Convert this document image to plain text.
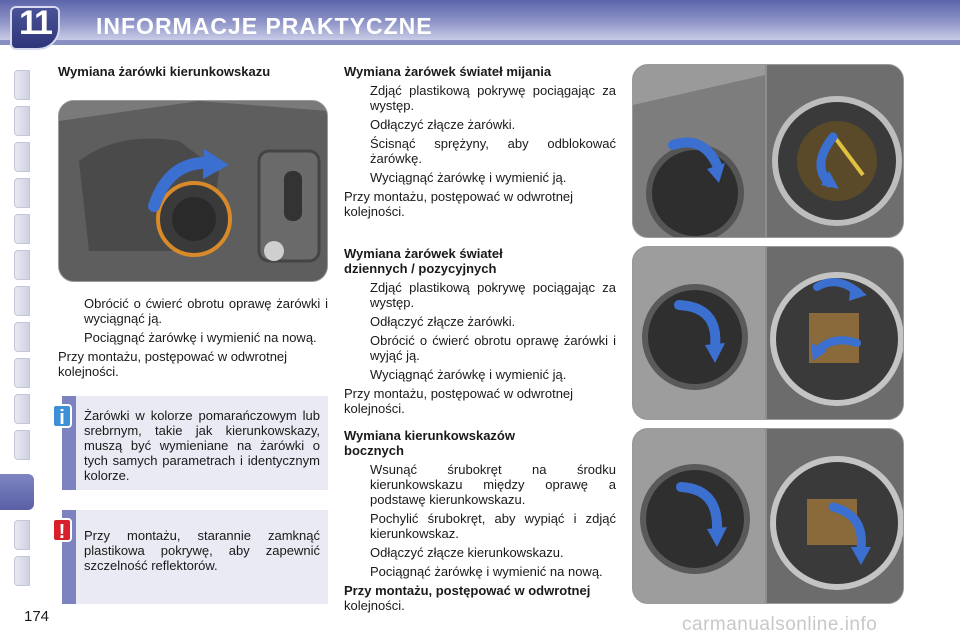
11	INFORMACJE PRAKTYCZNE
Wymiana żarówki kierunkowskazu
Obrócić o ćwierć obrotu oprawę żarówki i wyciągnąć ją.
Pociągnąć żarówkę i wymienić na nową.
Przy montażu, postępować w odwrotnej kolejności.
Żarówki w kolorze pomarańczowym lub srebrnym, takie jak kierunkowskazy, muszą być wymieniane na żarówki o tych samych parametrach i identycznym kolorze.
i
Przy montażu, starannie zamknąć plastikowa pokrywę, aby zapewnić szczelność reflektorów.
!
Wymiana żarówek świateł mijania
Zdjąć plastikową pokrywę pociągając za występ.
Odłączyć złącze żarówki.
Ścisnąć sprężyny, aby odblokować żarówkę.
Wyciągnąć żarówkę i wymienić ją.
Przy montażu, postępować w odwrotnej kolejności.
Wymiana żarówek świateł dziennych / pozycyjnych
Zdjąć plastikową pokrywę pociągając za występ.
Odłączyć złącze żarówki.
Obrócić o ćwierć obrotu oprawę żarówki i wyjąć ją.
Wyciągnąć żarówkę i wymienić ją.
Przy montażu, postępować w odwrotnej kolejności.
Wymiana kierunkowskazów bocznych
Wsunąć śrubokręt na środku kierunkowskazu między oprawę a podstawę kierunkowskazu.
Pochylić śrubokręt, aby wypiąć i zdjąć kierunkowskaz.
Odłączyć złącze kierunkowskazu.
Pociągnąć żarówkę i wymienić na nową.
Przy montażu, postępować w odwrotnej kolejności.
174	carmanualsonline.info
